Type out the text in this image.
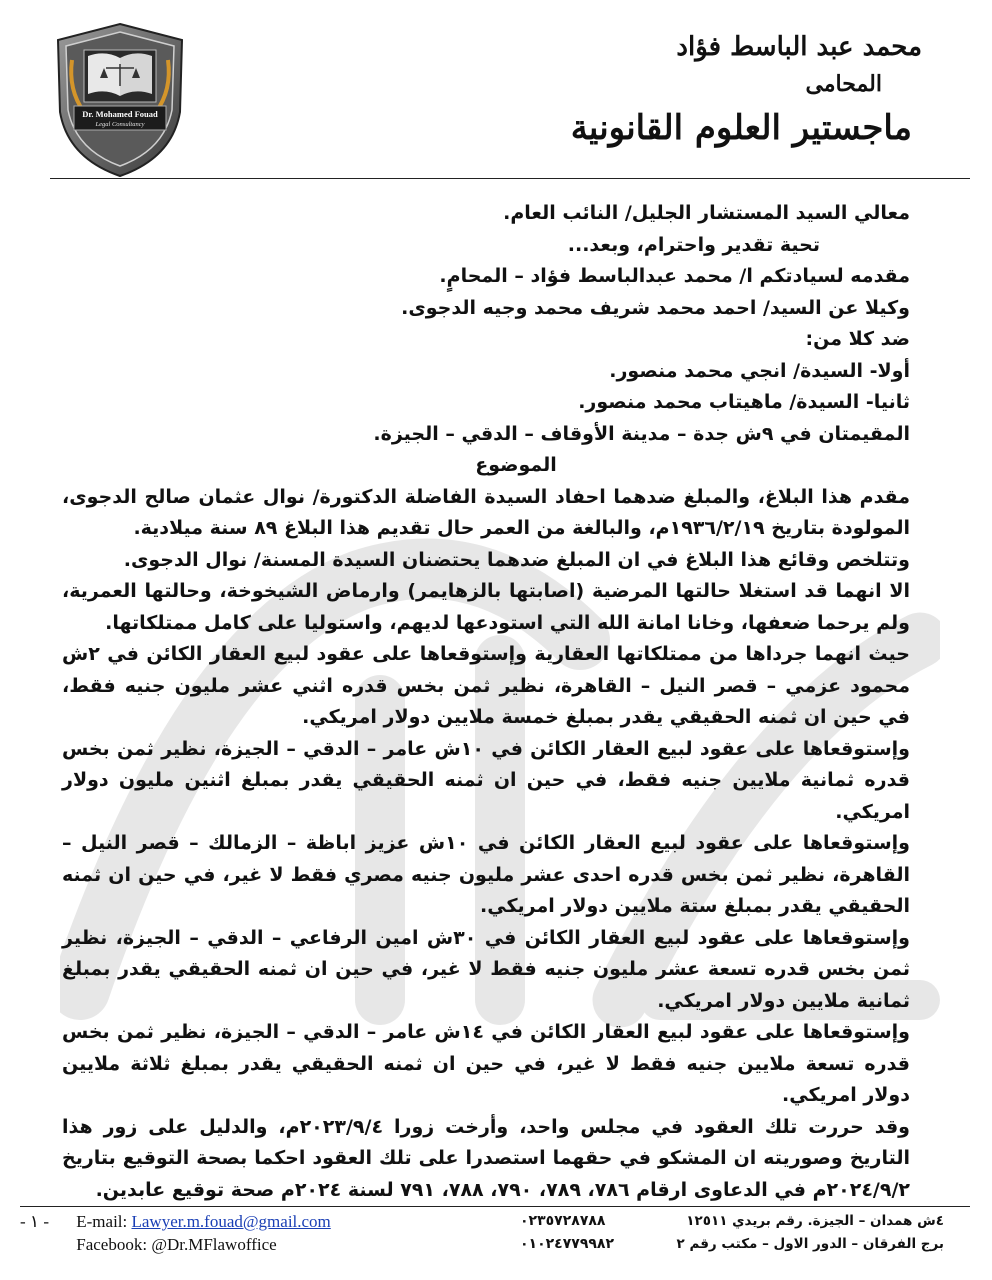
Dr. Mohamed Fouad
Legal Consultancy
محمد عبد الباسط فؤاد
المحامى
ماجستير العلوم القانونية

معالي السيد المستشار الجليل/ النائب العام.

تحية تقدير واحترام، وبعد...

مقدمه لسيادتكم ا/ محمد عبدالباسط فؤاد – المحامٍ.

وكيلا عن السيد/ احمد محمد شريف محمد وجيه الدجوى.

ضد كلا من:

أولا- السيدة/ انجي محمد منصور.

ثانيا- السيدة/ ماهيتاب محمد منصور.

المقيمتان في ٩ش جدة – مدينة الأوقاف – الدقي – الجيزة.

الموضوع

مقدم هذا البلاغ، والمبلغ ضدهما احفاد السيدة الفاضلة الدكتورة/ نوال عثمان صالح الدجوى، المولودة بتاريخ ١٩٣٦/٢/١٩م، والبالغة من العمر حال تقديم هذا البلاغ ٨٩ سنة ميلادية.

وتتلخص وقائع هذا البلاغ في ان المبلغ ضدهما يحتضنان السيدة المسنة/ نوال الدجوى.

الا انهما قد استغلا حالتها المرضية (اصابتها بالزهايمر) وارماض الشيخوخة، وحالتها العمرية، ولم يرحما ضعفها، وخانا امانة الله التي استودعها لديهم، واستوليا على كامل ممتلكاتها.

حيث انهما جرداها من ممتلكاتها العقارية وإستوقعاها على عقود لبيع العقار الكائن في ٢ش محمود عزمي – قصر النيل – القاهرة، نظير ثمن بخس قدره اثني عشر مليون جنيه فقط، في حين ان ثمنه الحقيقي يقدر بمبلغ خمسة ملايين دولار امريكي.

وإستوقعاها على عقود لبيع العقار الكائن في ١٠ش عامر – الدقي – الجيزة، نظير ثمن بخس قدره ثمانية ملايين جنيه فقط، في حين ان ثمنه الحقيقي يقدر بمبلغ اثنين مليون دولار امريكي.

وإستوقعاها على عقود لبيع العقار الكائن في ١٠ش عزيز اباظة – الزمالك – قصر النيل – القاهرة، نظير ثمن بخس قدره احدى عشر مليون جنيه مصري فقط لا غير، في حين ان ثمنه الحقيقي يقدر بمبلغ ستة ملايين دولار امريكي.

وإستوقعاها على عقود لبيع العقار الكائن في ٣٠ش امين الرفاعي – الدقي – الجيزة، نظير ثمن بخس قدره تسعة عشر مليون جنيه فقط لا غير، في حين ان ثمنه الحقيقي يقدر بمبلغ ثمانية ملايين دولار امريكي.

وإستوقعاها على عقود لبيع العقار الكائن في ١٤ش عامر – الدقي – الجيزة، نظير ثمن بخس قدره تسعة ملايين جنيه فقط لا غير، في حين ان ثمنه الحقيقي يقدر بمبلغ ثلاثة ملايين دولار امريكي.

وقد حررت تلك العقود في مجلس واحد، وأرخت زورا ٢٠٢٣/٩/٤م، والدليل على زور هذا التاريخ وصوريته ان المشكو في حقهما استصدرا على تلك العقود احكما بصحة التوقيع بتاريخ ٢٠٢٤/٩/٢م في الدعاوى ارقام ٧٨٦، ٧٨٩، ٧٩٠، ٧٨٨، ٧٩١ لسنة ٢٠٢٤م صحة توقيع عابدين.

- ١ - E-mail: Lawyer.m.fouad@gmail.com
Facebook: @Dr.MFlawoffice
٠٢٣٥٧٢٨٧٨٨
٠١٠٢٤٧٧٩٩٨٢
٤ش همدان – الجيزة. رقم بريدي ١٢٥١١
برج الفرقان – الدور الاول – مكتب رقم ٢
